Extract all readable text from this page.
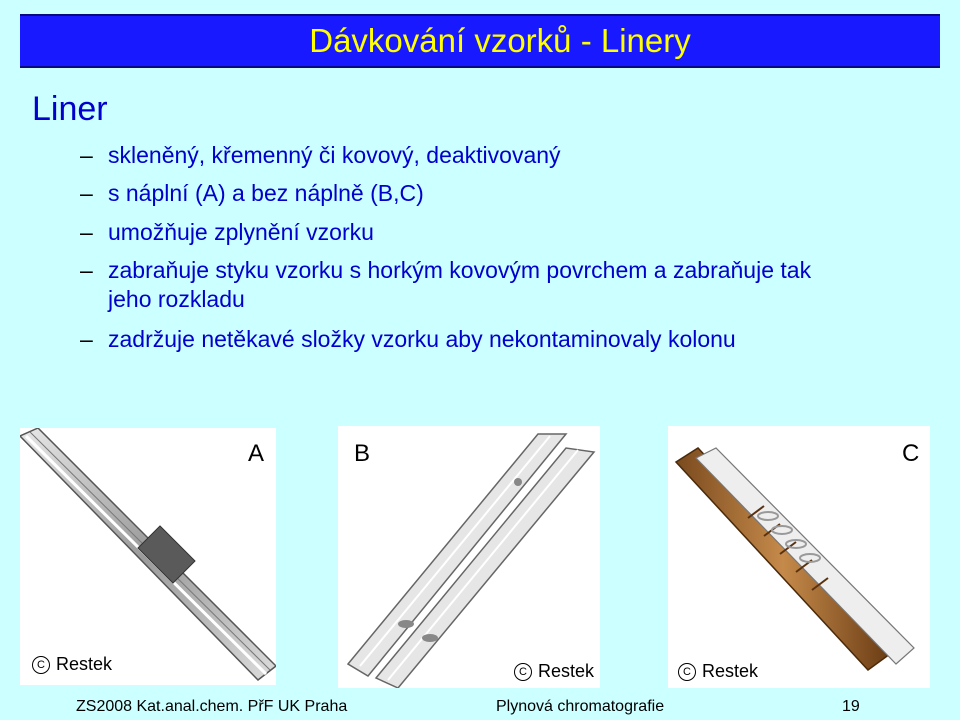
Dávkování vzorků - Linery
Liner
– skleněný, křemenný či kovový, deaktivovaný
– s náplní (A) a bez náplně (B,C)
– umožňuje zplynění vzorku
– zabraňuje styku vzorku s horkým kovovým povrchem a zabraňuje tak
jeho rozkladu
– zadržuje netěkavé složky vzorku aby nekontaminovaly kolonu
A
C Restek
B
C Restek
C
C Restek
ZS2008 Kat.anal.chem. PřF UK Praha	Plynová chromatografie	19
